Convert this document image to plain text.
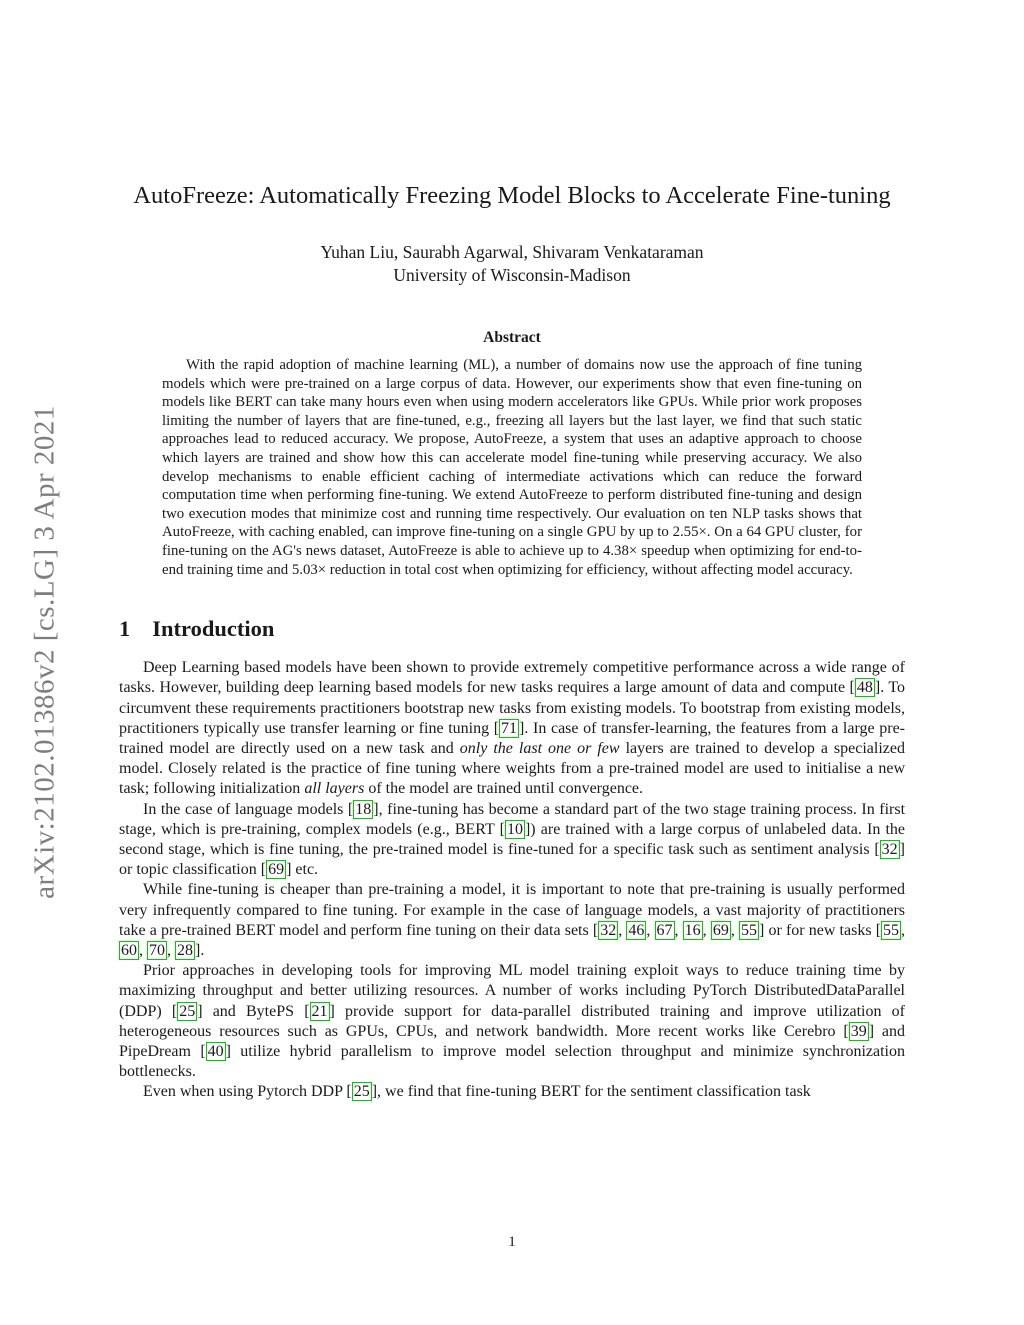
arXiv:2102.01386v2 [cs.LG] 3 Apr 2021
AutoFreeze: Automatically Freezing Model Blocks to Accelerate Fine-tuning
Yuhan Liu, Saurabh Agarwal, Shivaram Venkataraman
University of Wisconsin-Madison
Abstract
With the rapid adoption of machine learning (ML), a number of domains now use the approach of fine tuning models which were pre-trained on a large corpus of data. However, our experiments show that even fine-tuning on models like BERT can take many hours even when using modern accelerators like GPUs. While prior work proposes limiting the number of layers that are fine-tuned, e.g., freezing all layers but the last layer, we find that such static approaches lead to reduced accuracy. We propose, AutoFreeze, a system that uses an adaptive approach to choose which layers are trained and show how this can accelerate model fine-tuning while preserving accuracy. We also develop mechanisms to enable efficient caching of intermediate activations which can reduce the forward computation time when performing fine-tuning. We extend AutoFreeze to perform distributed fine-tuning and design two execution modes that minimize cost and running time respectively. Our evaluation on ten NLP tasks shows that AutoFreeze, with caching enabled, can improve fine-tuning on a single GPU by up to 2.55×. On a 64 GPU cluster, for fine-tuning on the AG's news dataset, AutoFreeze is able to achieve up to 4.38× speedup when optimizing for end-to-end training time and 5.03× reduction in total cost when optimizing for efficiency, without affecting model accuracy.
1 Introduction

Deep Learning based models have been shown to provide extremely competitive performance across a wide range of tasks. However, building deep learning based models for new tasks requires a large amount of data and compute [ 48 ]. To circumvent these requirements practitioners bootstrap new tasks from existing models. To bootstrap from existing models, practitioners typically use transfer learning or fine tuning [ 71 ]. In case of transfer-learning, the features from a large pre-trained model are directly used on a new task and only the last one or few layers are trained to develop a specialized model. Closely related is the practice of fine tuning where weights from a pre-trained model are used to initialise a new task; following initialization all layers of the model are trained until convergence.

In the case of language models [ 18 ], fine-tuning has become a standard part of the two stage training process. In first stage, which is pre-training, complex models (e.g., BERT [ 10 ]) are trained with a large corpus of unlabeled data. In the second stage, which is fine tuning, the pre-trained model is fine-tuned for a specific task such as sentiment analysis [ 32 ] or topic classification [ 69 ] etc.

While fine-tuning is cheaper than pre-training a model, it is important to note that pre-training is usually performed very infrequently compared to fine tuning. For example in the case of language models, a vast majority of practitioners take a pre-trained BERT model and perform fine tuning on their data sets [ 32 , 46 , 67 , 16 , 69 , 55 ] or for new tasks [ 55 , 60 , 70 , 28 ].

Prior approaches in developing tools for improving ML model training exploit ways to reduce training time by maximizing throughput and better utilizing resources. A number of works including PyTorch DistributedDataParallel (DDP) [ 25 ] and BytePS [ 21 ] provide support for data-parallel distributed training and improve utilization of heterogeneous resources such as GPUs, CPUs, and network bandwidth. More recent works like Cerebro [ 39 ] and PipeDream [ 40 ] utilize hybrid parallelism to improve model selection throughput and minimize synchronization bottlenecks.

Even when using Pytorch DDP [ 25 ], we find that fine-tuning BERT for the sentiment classification task

1
